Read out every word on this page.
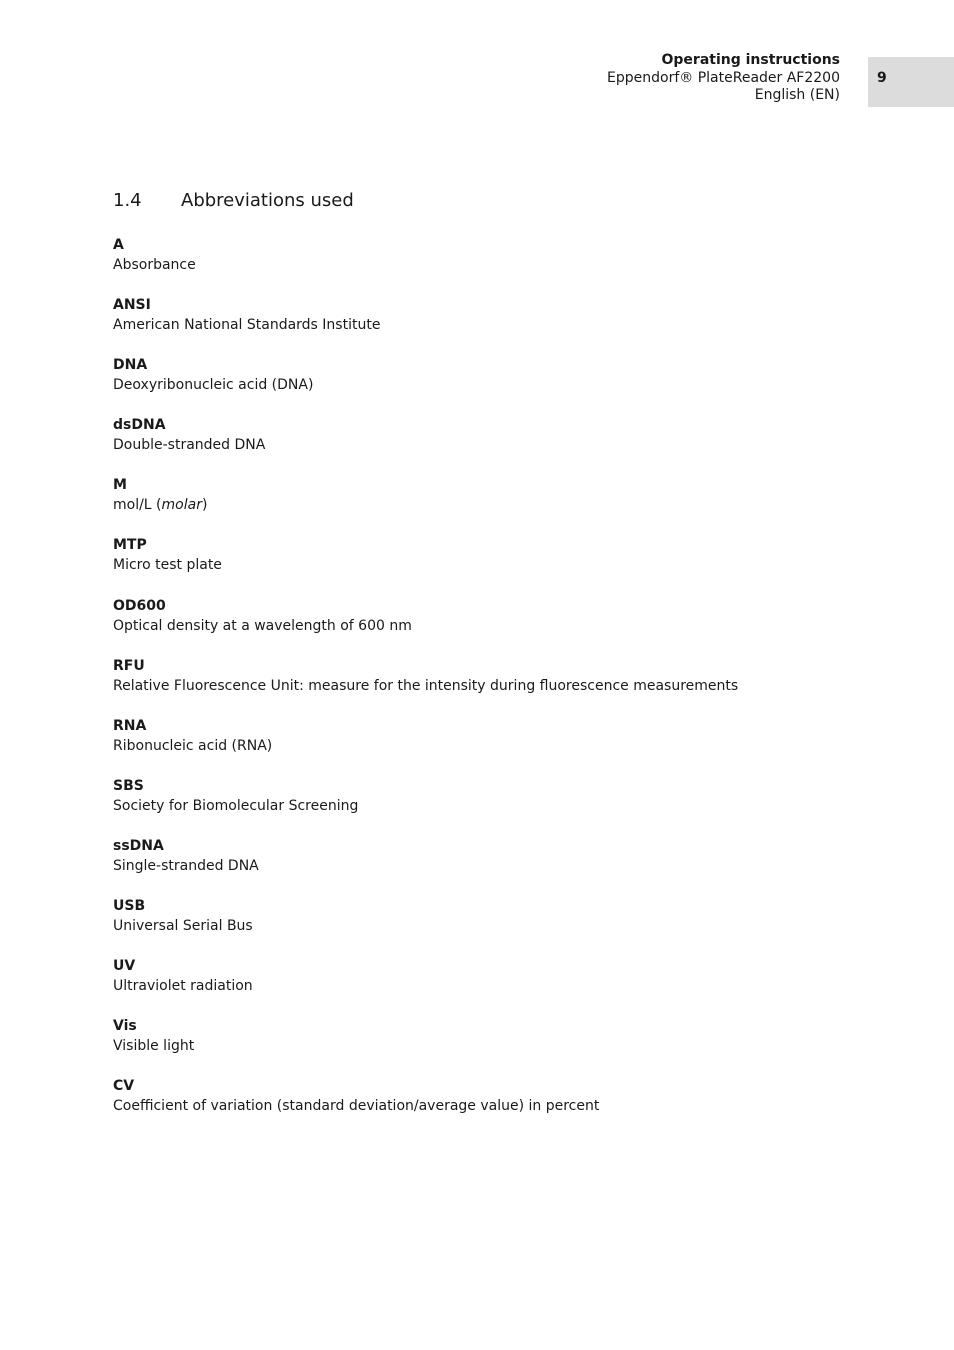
Operating instructions
Eppendorf® PlateReader AF2200
English (EN)
9
1.4	Abbreviations used
A
Absorbance
ANSI
American National Standards Institute
DNA
Deoxyribonucleic acid (DNA)
dsDNA
Double-stranded DNA
M
mol/L (molar)
MTP
Micro test plate
OD600
Optical density at a wavelength of 600 nm
RFU
Relative Fluorescence Unit: measure for the intensity during fluorescence measurements
RNA
Ribonucleic acid (RNA)
SBS
Society for Biomolecular Screening
ssDNA
Single-stranded DNA
USB
Universal Serial Bus
UV
Ultraviolet radiation
Vis
Visible light
CV
Coefficient of variation (standard deviation/average value) in percent
